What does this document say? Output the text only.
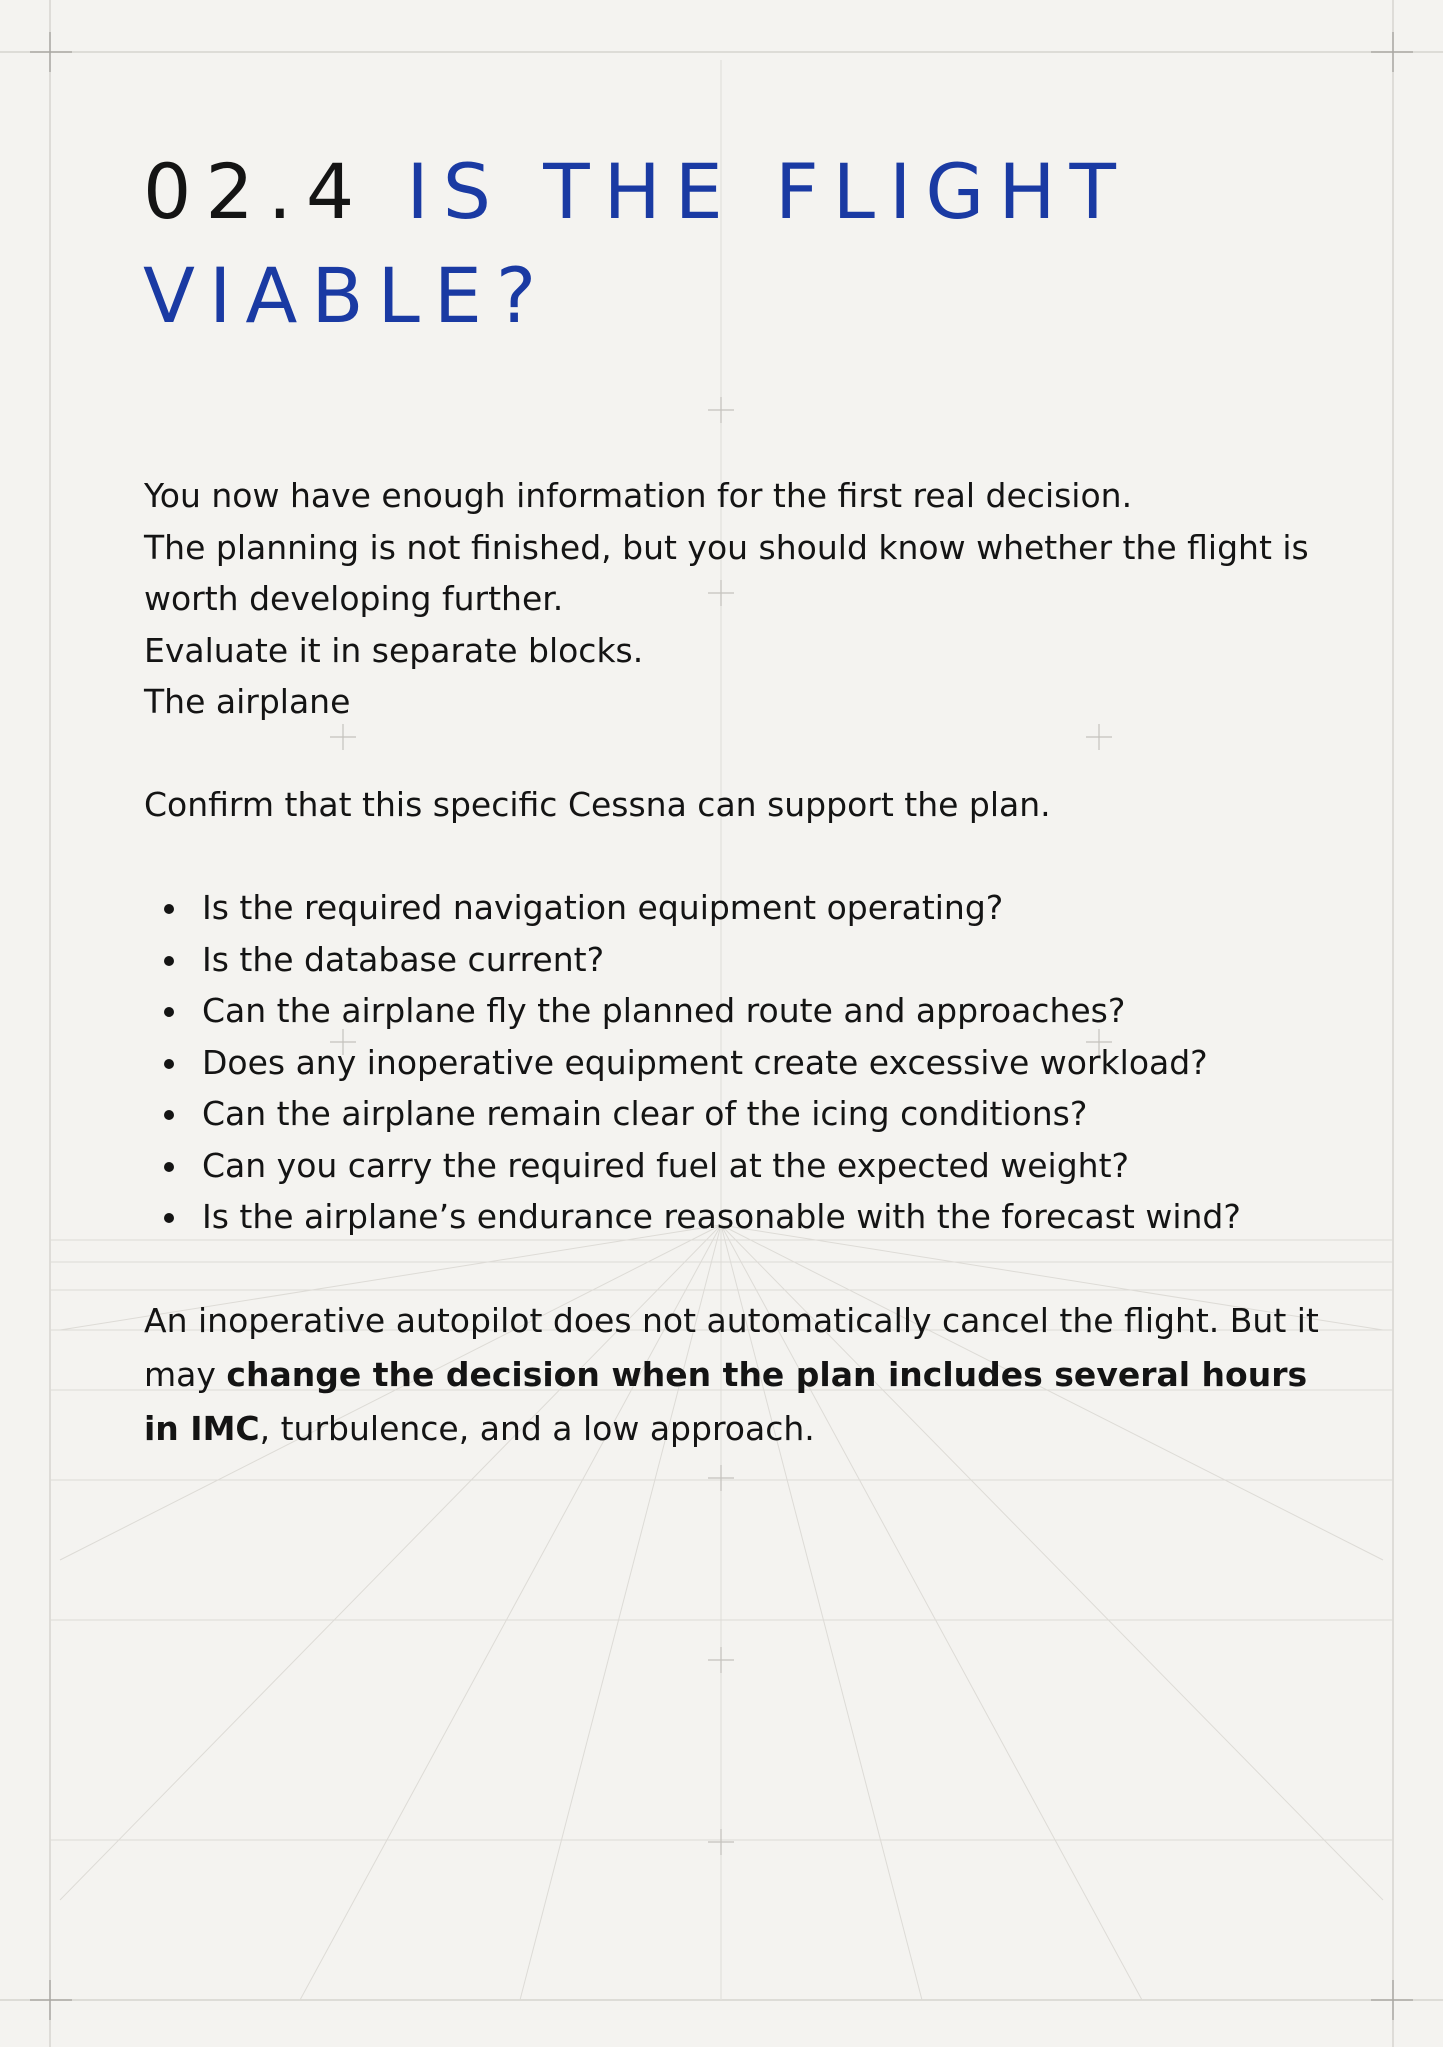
02.4 IS THE FLIGHT VIABLE?

You now have enough information for the first real decision.

The planning is not finished, but you should know whether the flight is worth developing further.

Evaluate it in separate blocks.

The airplane

Confirm that this specific Cessna can support the plan.

Is the required navigation equipment operating?
Is the database current?
Can the airplane fly the planned route and approaches?
Does any inoperative equipment create excessive workload?
Can the airplane remain clear of the icing conditions?
Can you carry the required fuel at the expected weight?
Is the airplane’s endurance reasonable with the forecast wind?

An inoperative autopilot does not automatically cancel the flight. But it may change the decision when the plan includes several hours in IMC, turbulence, and a low approach.
